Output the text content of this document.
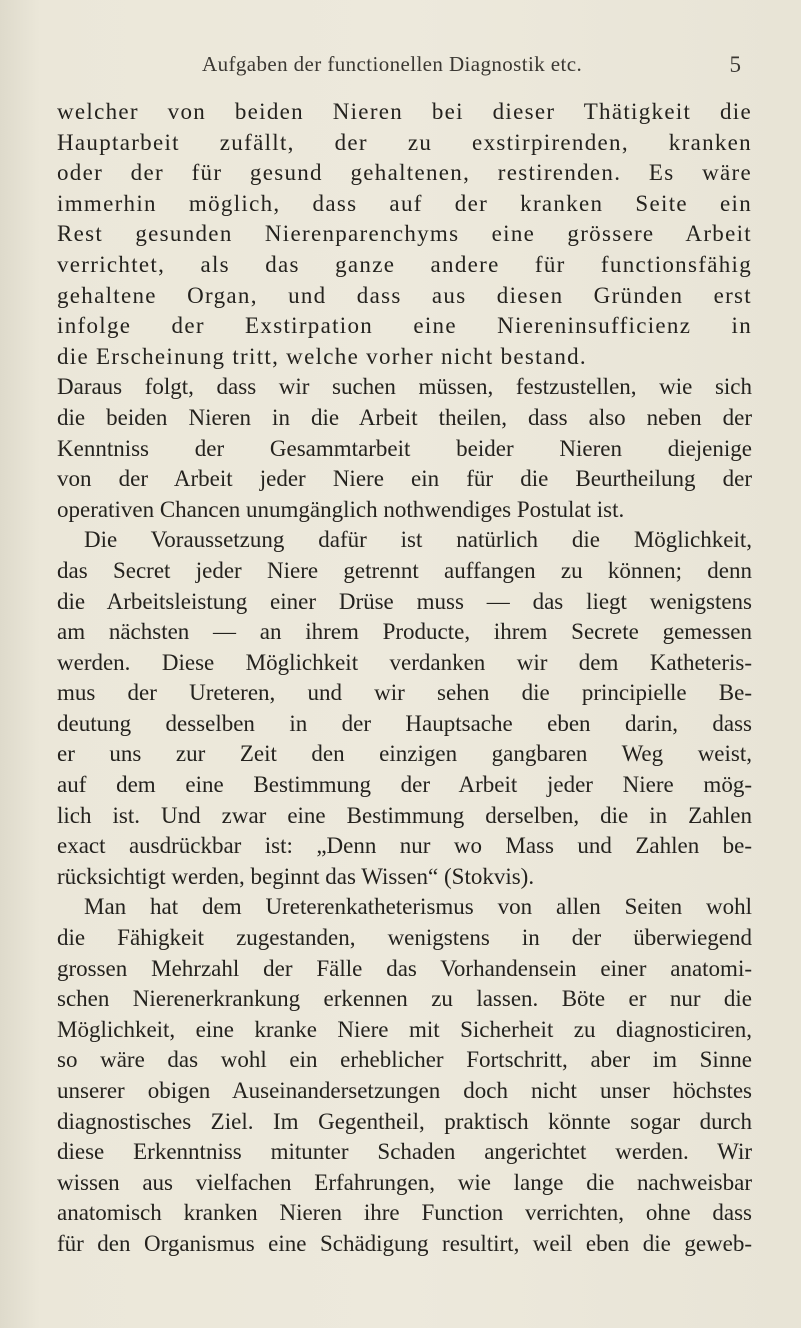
Aufgaben der functionellen Diagnostik etc.	5
welcher von beiden Nieren bei dieser Thätigkeit die
Hauptarbeit zufällt, der zu exstirpirenden, kranken
oder der für gesund gehaltenen, restirenden. Es wäre
immerhin möglich, dass auf der kranken Seite ein
Rest gesunden Nierenparenchyms eine grössere Arbeit
verrichtet, als das ganze andere für functionsfähig
gehaltene Organ, und dass aus diesen Gründen erst
infolge der Exstirpation eine Niereninsufficienz in
die Erscheinung tritt, welche vorher nicht bestand.
Daraus folgt, dass wir suchen müssen, festzustellen, wie sich
die beiden Nieren in die Arbeit theilen, dass also neben der
Kenntniss der Gesammtarbeit beider Nieren diejenige
von der Arbeit jeder Niere ein für die Beurtheilung der
operativen Chancen unumgänglich nothwendiges Postulat ist.
Die Voraussetzung dafür ist natürlich die Möglichkeit,
das Secret jeder Niere getrennt auffangen zu können; denn
die Arbeitsleistung einer Drüse muss — das liegt wenigstens
am nächsten — an ihrem Producte, ihrem Secrete gemessen
werden. Diese Möglichkeit verdanken wir dem Katheteris-
mus der Ureteren, und wir sehen die principielle Be-
deutung desselben in der Hauptsache eben darin, dass
er uns zur Zeit den einzigen gangbaren Weg weist,
auf dem eine Bestimmung der Arbeit jeder Niere mög-
lich ist. Und zwar eine Bestimmung derselben, die in Zahlen
exact ausdrückbar ist: „Denn nur wo Mass und Zahlen be-
rücksichtigt werden, beginnt das Wissen“ (Stokvis).
Man hat dem Ureterenkatheterismus von allen Seiten wohl
die Fähigkeit zugestanden, wenigstens in der überwiegend
grossen Mehrzahl der Fälle das Vorhandensein einer anatomi-
schen Nierenerkrankung erkennen zu lassen. Böte er nur die
Möglichkeit, eine kranke Niere mit Sicherheit zu diagnosticiren,
so wäre das wohl ein erheblicher Fortschritt, aber im Sinne
unserer obigen Auseinandersetzungen doch nicht unser höchstes
diagnostisches Ziel. Im Gegentheil, praktisch könnte sogar durch
diese Erkenntniss mitunter Schaden angerichtet werden. Wir
wissen aus vielfachen Erfahrungen, wie lange die nachweisbar
anatomisch kranken Nieren ihre Function verrichten, ohne dass
für den Organismus eine Schädigung resultirt, weil eben die geweb-
